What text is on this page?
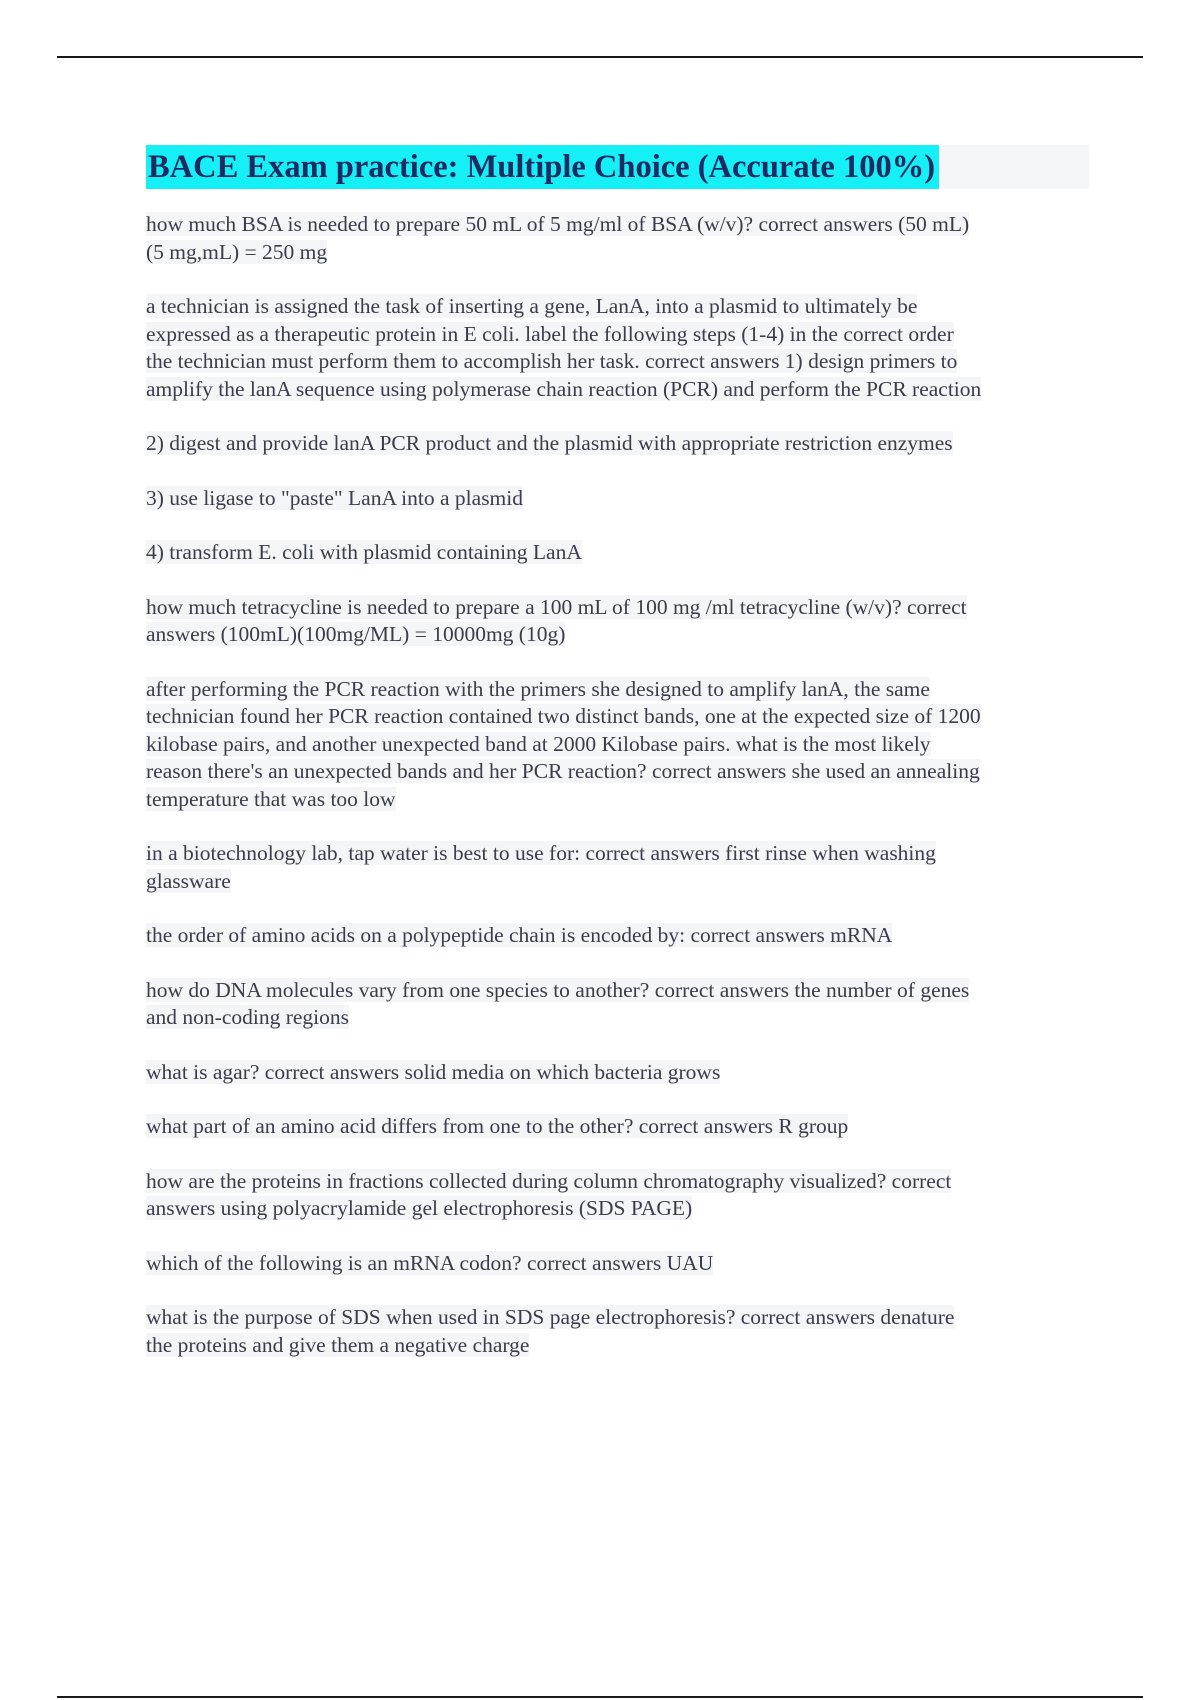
BACE Exam practice: Multiple Choice (Accurate 100%)

how much BSA is needed to prepare 50 mL of 5 mg/ml of BSA (w/v)? correct answers (50 mL)
(5 mg,mL) = 250 mg

a technician is assigned the task of inserting a gene, LanA, into a plasmid to ultimately be
expressed as a therapeutic protein in E coli. label the following steps (1-4) in the correct order
the technician must perform them to accomplish her task. correct answers 1) design primers to
amplify the lanA sequence using polymerase chain reaction (PCR) and perform the PCR reaction

2) digest and provide lanA PCR product and the plasmid with appropriate restriction enzymes

3) use ligase to "paste" LanA into a plasmid

4) transform E. coli with plasmid containing LanA

how much tetracycline is needed to prepare a 100 mL of 100 mg /ml tetracycline (w/v)? correct
answers (100mL)(100mg/ML) = 10000mg (10g)

after performing the PCR reaction with the primers she designed to amplify lanA, the same
technician found her PCR reaction contained two distinct bands, one at the expected size of 1200
kilobase pairs, and another unexpected band at 2000 Kilobase pairs. what is the most likely
reason there's an unexpected bands and her PCR reaction? correct answers she used an annealing
temperature that was too low

in a biotechnology lab, tap water is best to use for: correct answers first rinse when washing
glassware

the order of amino acids on a polypeptide chain is encoded by: correct answers mRNA

how do DNA molecules vary from one species to another? correct answers the number of genes
and non-coding regions

what is agar? correct answers solid media on which bacteria grows

what part of an amino acid differs from one to the other? correct answers R group

how are the proteins in fractions collected during column chromatography visualized? correct
answers using polyacrylamide gel electrophoresis (SDS PAGE)

which of the following is an mRNA codon? correct answers UAU

what is the purpose of SDS when used in SDS page electrophoresis? correct answers denature
the proteins and give them a negative charge
